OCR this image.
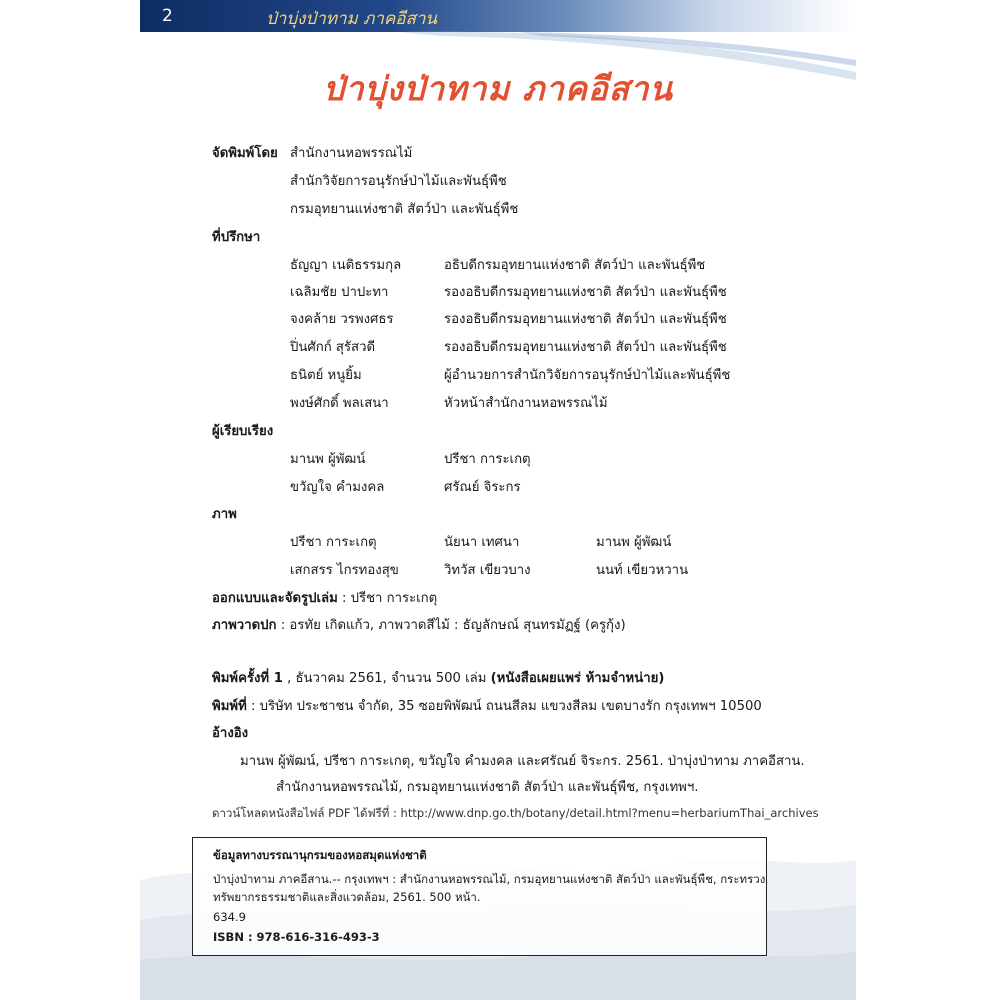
2	ป่าบุ่งป่าทาม ภาคอีสาน
ป่าบุ่งป่าทาม ภาคอีสาน
จัดพิมพ์โดย สำนักงานหอพรรณไม้
สำนักวิจัยการอนุรักษ์ป่าไม้และพันธุ์พืช
กรมอุทยานแห่งชาติ สัตว์ป่า และพันธุ์พืช
ที่ปรึกษา
ธัญญา เนติธรรมกุล	อธิบดีกรมอุทยานแห่งชาติ สัตว์ป่า และพันธุ์พืช
เฉลิมชัย ปาปะทา	รองอธิบดีกรมอุทยานแห่งชาติ สัตว์ป่า และพันธุ์พืช
จงคล้าย วรพงศธร	รองอธิบดีกรมอุทยานแห่งชาติ สัตว์ป่า และพันธุ์พืช
ปิ่นศักก์ สุรัสวดี	รองอธิบดีกรมอุทยานแห่งชาติ สัตว์ป่า และพันธุ์พืช
ธนิตย์ หนูยิ้ม	ผู้อำนวยการสำนักวิจัยการอนุรักษ์ป่าไม้และพันธุ์พืช
พงษ์ศักดิ์ พลเสนา	หัวหน้าสำนักงานหอพรรณไม้
ผู้เรียบเรียง
มานพ ผู้พัฒน์	ปรีชา การะเกตุ
ขวัญใจ คำมงคล	ศรัณย์ จิระกร
ภาพ
ปรีชา การะเกตุ	นัยนา เทศนา	มานพ ผู้พัฒน์
เสกสรร ไกรทองสุข	วิทวัส เขียวบาง	นนท์ เขียวหวาน
ออกแบบและจัดรูปเล่ม : ปรีชา การะเกตุ
ภาพวาดปก : อรทัย เกิดแก้ว, ภาพวาดสีไม้ : ธัญลักษณ์ สุนทรมัฏฐ์ (ครูกุ้ง)
พิมพ์ครั้งที่ 1 , ธันวาคม 2561, จำนวน 500 เล่ม (หนังสือเผยแพร่ ห้ามจำหน่าย)
พิมพ์ที่ : บริษัท ประชาชน จำกัด, 35 ซอยพิพัฒน์ ถนนสีลม แขวงสีลม เขตบางรัก กรุงเทพฯ 10500
อ้างอิง
มานพ ผู้พัฒน์, ปรีชา การะเกตุ, ขวัญใจ คำมงคล และศรัณย์ จิระกร. 2561. ป่าบุ่งป่าทาม ภาคอีสาน.
สำนักงานหอพรรณไม้, กรมอุทยานแห่งชาติ สัตว์ป่า และพันธุ์พืช, กรุงเทพฯ.
ดาวน์โหลดหนังสือไฟล์ PDF ได้ฟรีที่ : http://www.dnp.go.th/botany/detail.html?menu=herbariumThai_archives
ข้อมูลทางบรรณานุกรมของหอสมุดแห่งชาติ
ป่าบุ่งป่าทาม ภาคอีสาน.-- กรุงเทพฯ : สำนักงานหอพรรณไม้, กรมอุทยานแห่งชาติ สัตว์ป่า และพันธุ์พืช, กระทรวง
ทรัพยากรธรรมชาติและสิ่งแวดล้อม, 2561. 500 หน้า.
634.9
ISBN : 978-616-316-493-3
